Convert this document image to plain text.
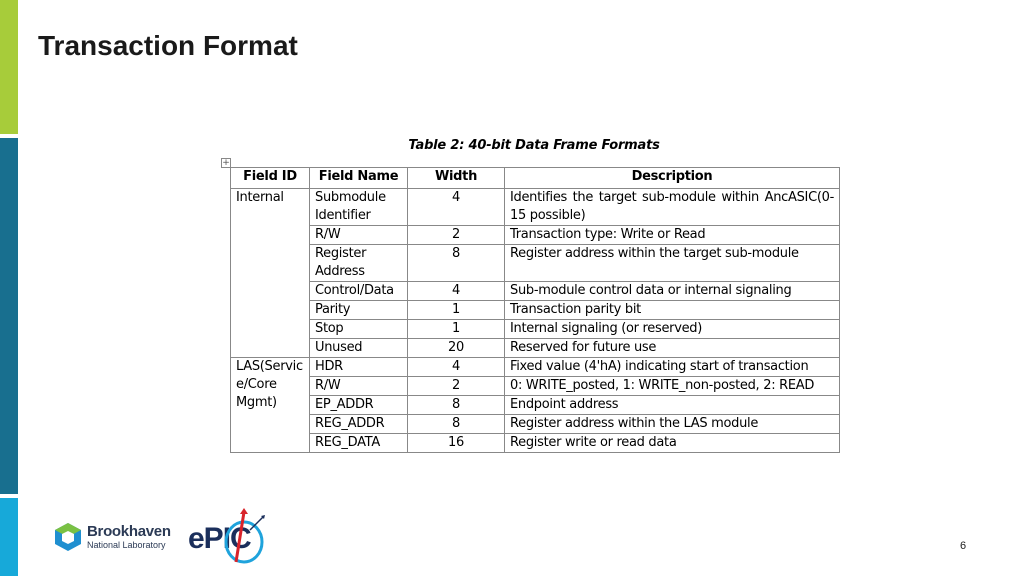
Transaction Format
Table 2: 40-bit Data Frame Formats
+
Field ID	Field Name	Width	Description
Internal	Submodule Identifier	4	Identifies the target sub-module within AncASIC(0-15 possible)
	R/W	2	Transaction type: Write or Read
	Register Address	8	Register address within the target sub-module
	Control/Data	4	Sub-module control data or internal signaling
	Parity	1	Transaction parity bit
	Stop	1	Internal signaling (or reserved)
	Unused	20	Reserved for future use
LAS(Servic e/Core Mgmt)	HDR	4	Fixed value (4'hA) indicating start of transaction
	R/W	2	0: WRITE_posted, 1: WRITE_non-posted, 2: READ
	EP_ADDR	8	Endpoint address
	REG_ADDR	8	Register address within the LAS module
	REG_DATA	16	Register write or read data
Brookhaven
National Laboratory ePIC	6
